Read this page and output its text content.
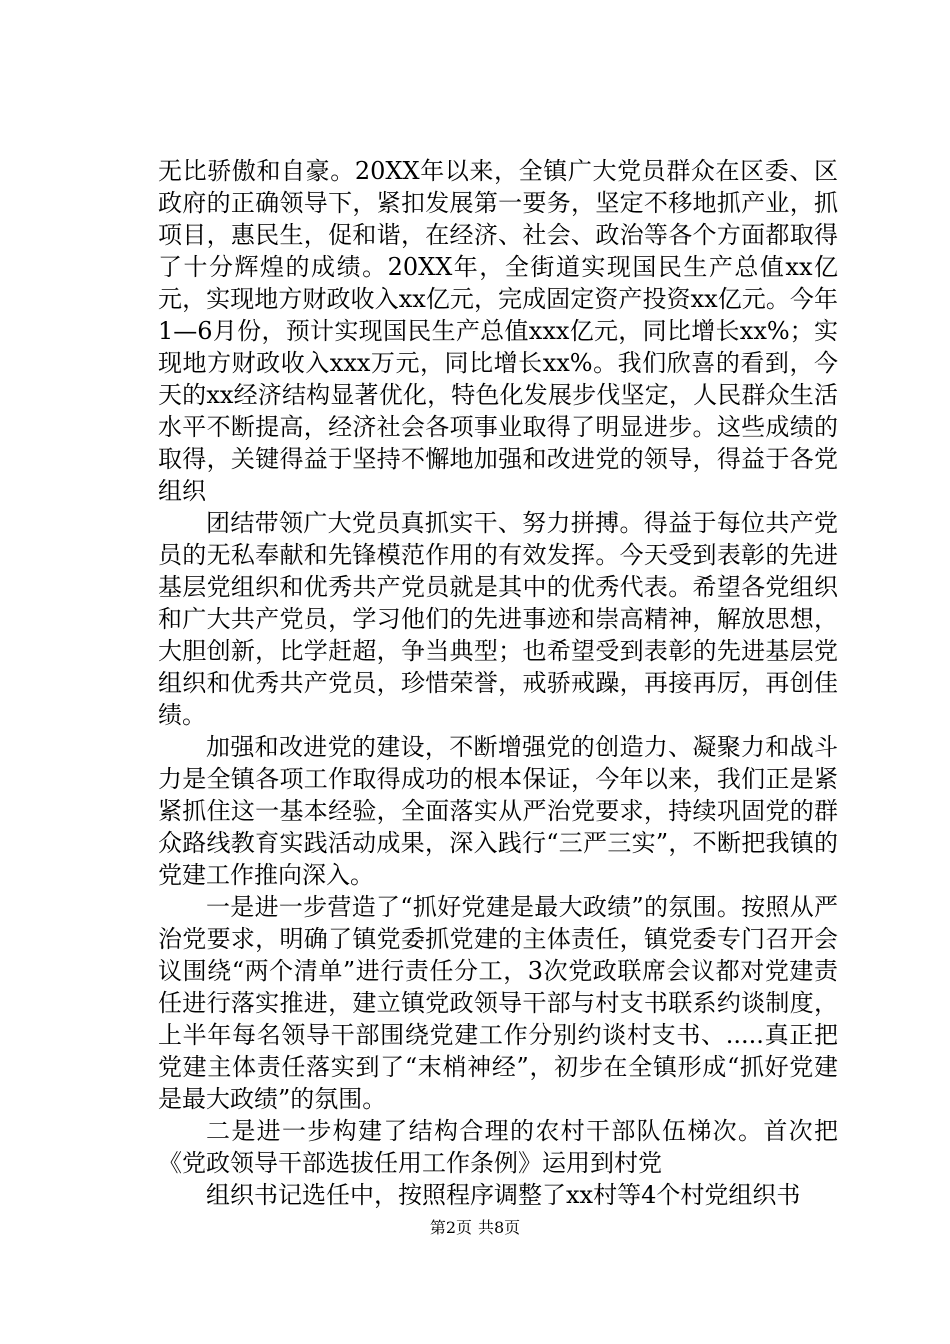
无比骄傲和自豪。20XX年以来，全镇广大党员群众在区委、区政府的正确领导下，紧扣发展第一要务，坚定不移地抓产业，抓项目，惠民生，促和谐，在经济、社会、政治等各个方面都取得了十分辉煌的成绩。20XX年，全街道实现国民生产总值xx亿元，实现地方财政收入xx亿元，完成固定资产投资xx亿元。今年1—6月份，预计实现国民生产总值xxx亿元，同比增长xx%；实现地方财政收入xxx万元，同比增长xx%。我们欣喜的看到，今天的xx经济结构显著优化，特色化发展步伐坚定，人民群众生活水平不断提高，经济社会各项事业取得了明显进步。这些成绩的取得，关键得益于坚持不懈地加强和改进党的领导，得益于各党组织

团结带领广大党员真抓实干、努力拼搏。得益于每位共产党员的无私奉献和先锋模范作用的有效发挥。今天受到表彰的先进基层党组织和优秀共产党员就是其中的优秀代表。希望各党组织和广大共产党员，学习他们的先进事迹和崇高精神，解放思想，大胆创新，比学赶超，争当典型；也希望受到表彰的先进基层党组织和优秀共产党员，珍惜荣誉，戒骄戒躁，再接再厉，再创佳绩。

加强和改进党的建设，不断增强党的创造力、凝聚力和战斗力是全镇各项工作取得成功的根本保证，今年以来，我们正是紧紧抓住这一基本经验，全面落实从严治党要求，持续巩固党的群众路线教育实践活动成果，深入践行“三严三实”，不断把我镇的党建工作推向深入。

一是进一步营造了“抓好党建是最大政绩”的氛围。按照从严治党要求，明确了镇党委抓党建的主体责任，镇党委专门召开会议围绕“两个清单”进行责任分工，3次党政联席会议都对党建责任进行落实推进，建立镇党政领导干部与村支书联系约谈制度，上半年每名领导干部围绕党建工作分别约谈村支书、.....真正把党建主体责任落实到了“末梢神经”，初步在全镇形成“抓好党建是最大政绩”的氛围。

二是进一步构建了结构合理的农村干部队伍梯次。首次把《党政领导干部选拔任用工作条例》运用到村党

组织书记选任中，按照程序调整了xx村等4个村党组织书

第2页 共8页
